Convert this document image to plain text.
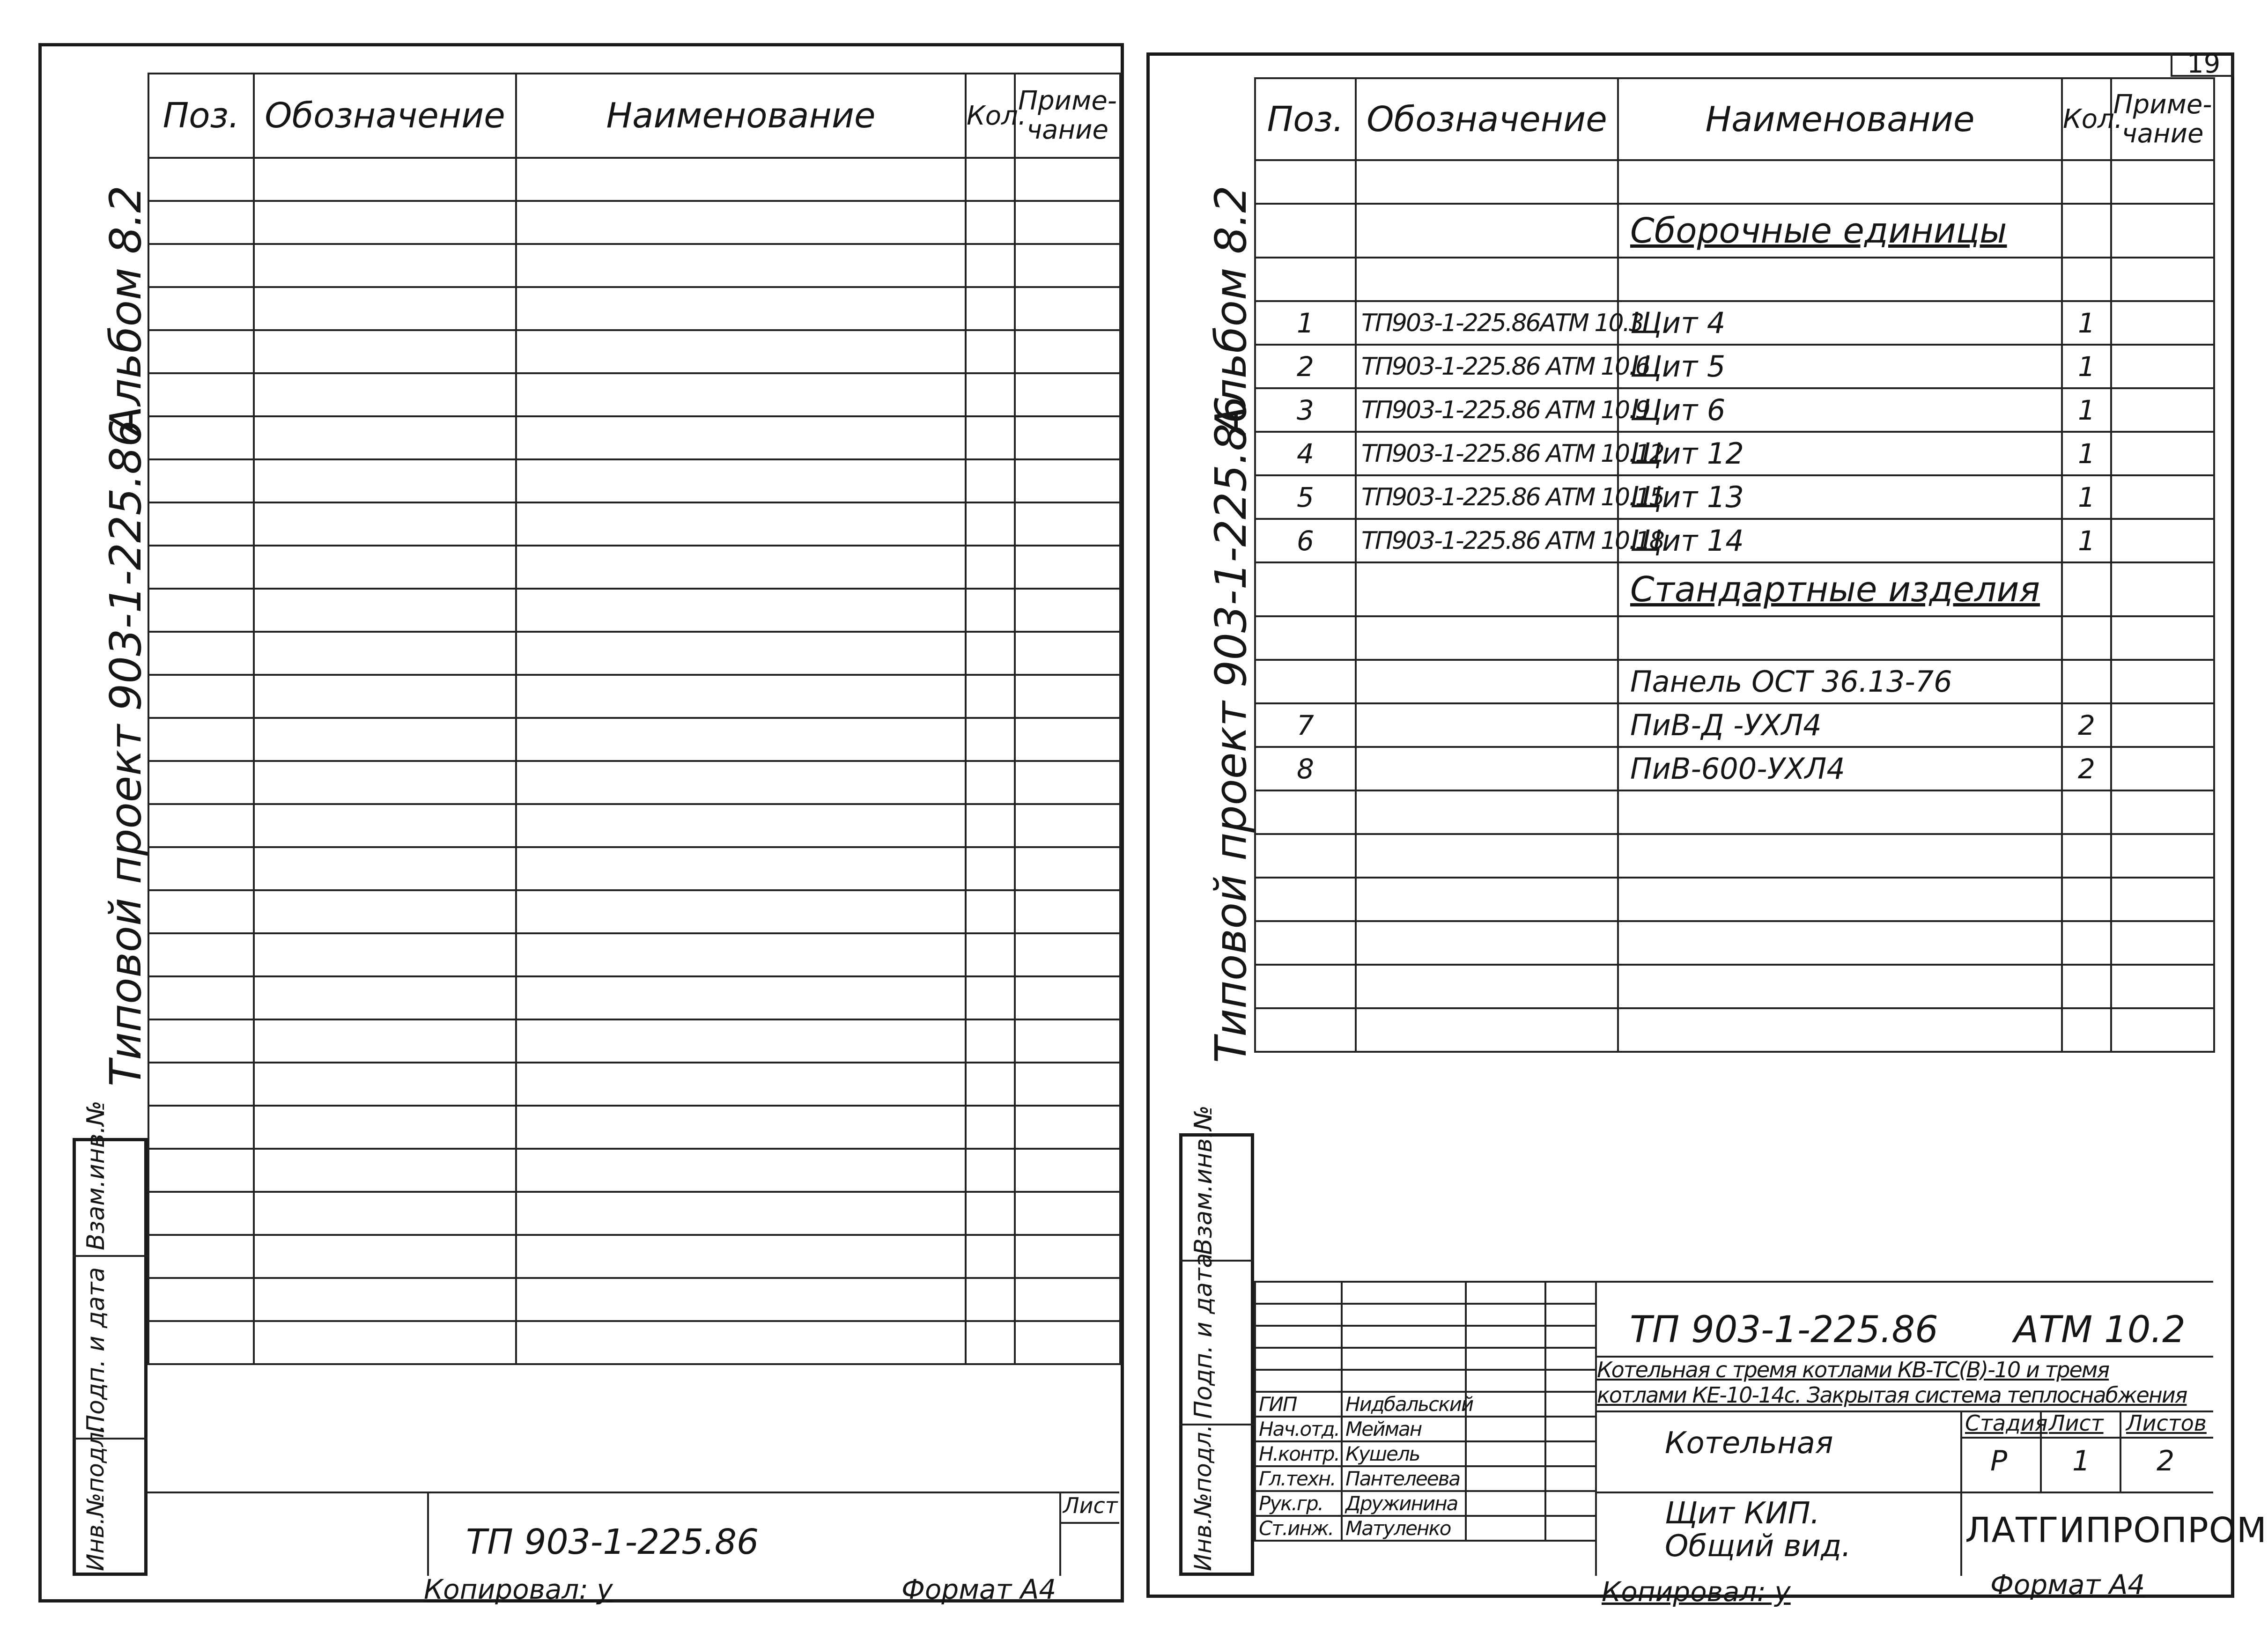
Альбом 8.2
Типовой проект 903-1-225.86
Взам.инв.№
Подп. и дата
Инв.№подл.
Поз.	Обозначение	Наименование	Кол.	Приме-
чание

ТП 903-1-225.86
Лист
Копировал: у	Формат А4
19
Альбом 8.2
Типовой проект 903-1-225.86
Взам.инв.№
Подп. и дата
Инв.№подл.
Поз.	Обозначение	Наименование	Кол.	Приме-
чание

		Сборочные единицы		

1	ТП903-1-225.86АТМ 10.3	Щит 4	1	
2	ТП903-1-225.86 АТМ 10.6	Щит 5	1	
3	ТП903-1-225.86 АТМ 10.9	Щит 6	1	
4	ТП903-1-225.86 АТМ 10.12	Щит 12	1	
5	ТП903-1-225.86 АТМ 10.15	Щит 13	1	
6	ТП903-1-225.86 АТМ 10.18	Щит 14	1	
		Стандартные изделия		

		Панель ОСТ 36.13-76		
7		ПиВ-Д -УХЛ4	2	
8		ПиВ-600-УХЛ4	2	

ГИП	Нидбальский		
Нач.отд.	Мейман		
Н.контр.	Кушель		
Гл.техн.	Пантелеева		
Рук.гр.	Дружинина		
Ст.инж.	Матуленко		
ТП 903-1-225.86 АТМ 10.2
Котельная с тремя котлами КВ-ТС(В)-10 и тремя
котлами КЕ-10-14с. Закрытая система теплоснабжения
Котельная
Щит КИП.
Общий вид.
Стадия Лист Листов
Р 1 2
ЛАТГИПРОПРОМ
Копировал: у	Формат А4
